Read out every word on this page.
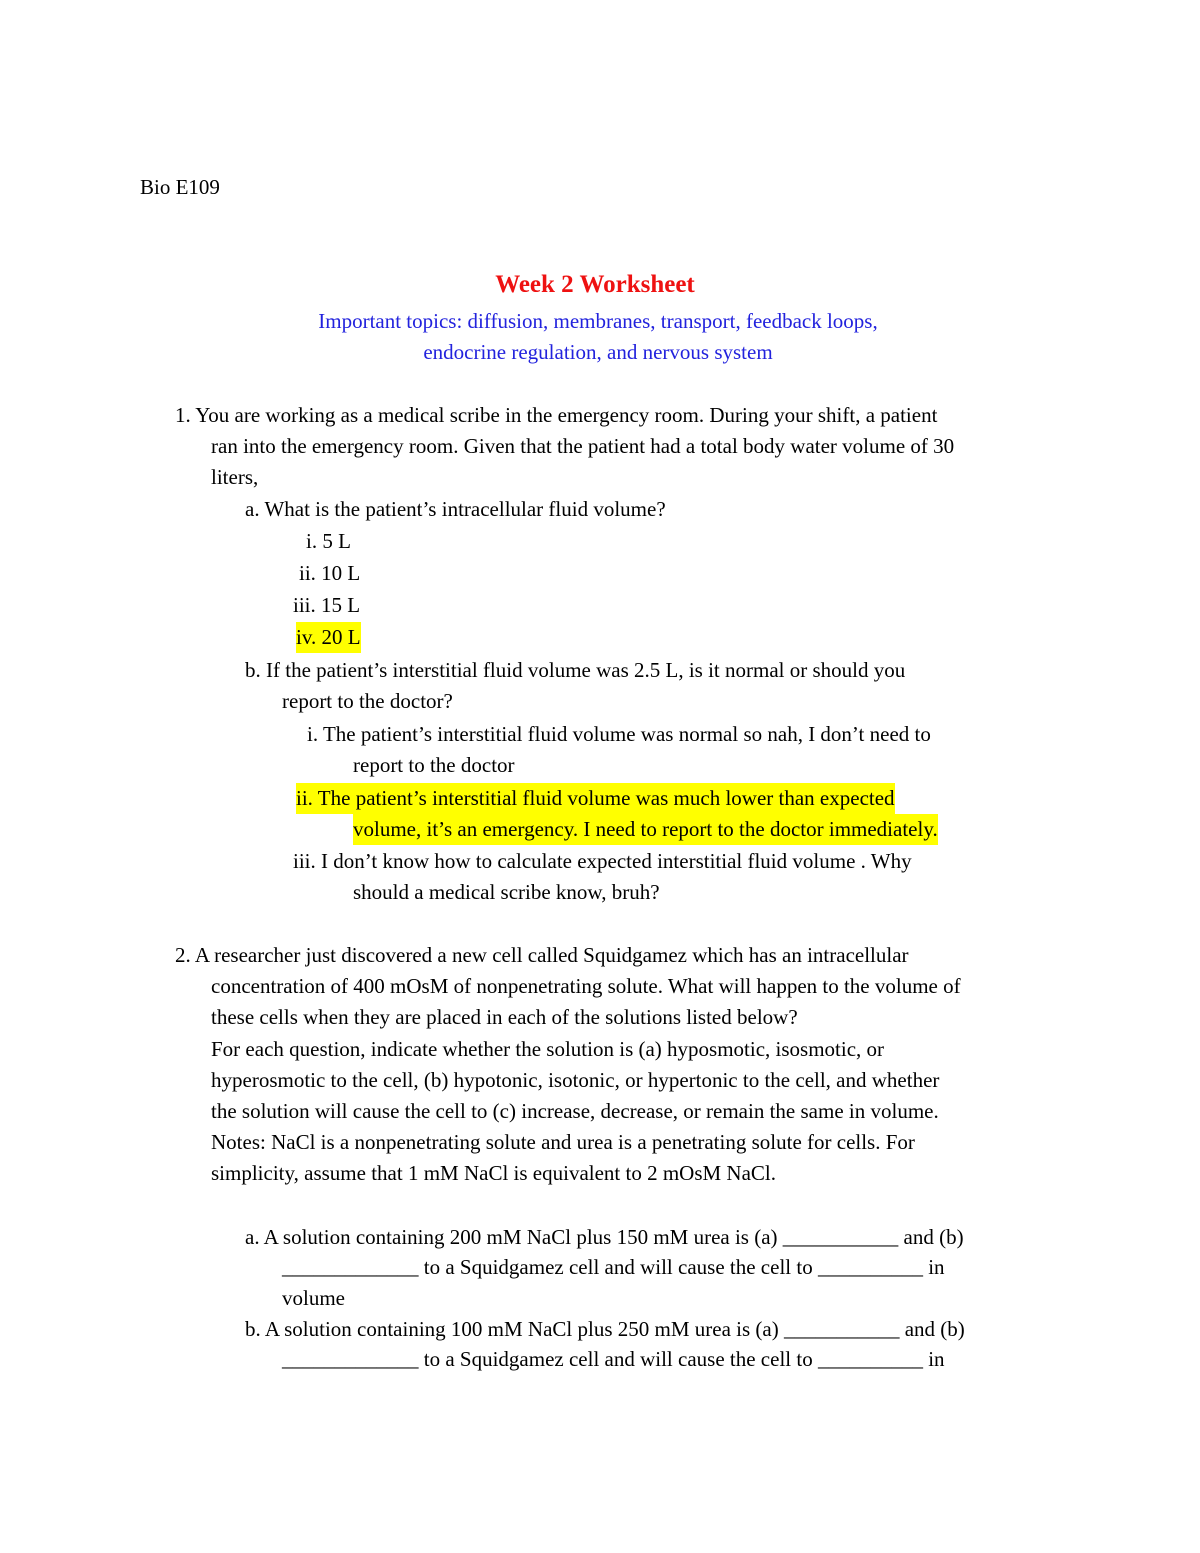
Bio E109
Week 2 Worksheet
Important topics: diffusion, membranes, transport, feedback loops,
endocrine regulation, and nervous system
1. You are working as a medical scribe in the emergency room. During your shift, a patient
ran into the emergency room. Given that the patient had a total body water volume of 30
liters,
a. What is the patient’s intracellular fluid volume?
i. 5 L
ii. 10 L
iii. 15 L
iv. 20 L
b. If the patient’s interstitial fluid volume was 2.5 L, is it normal or should you
report to the doctor?
i. The patient’s interstitial fluid volume was normal so nah, I don’t need to
report to the doctor
ii. The patient’s interstitial fluid volume was much lower than expected
volume, it’s an emergency. I need to report to the doctor immediately.
iii. I don’t know how to calculate expected interstitial fluid volume . Why
should a medical scribe know, bruh?
2. A researcher just discovered a new cell called Squidgamez which has an intracellular
concentration of 400 mOsM of nonpenetrating solute. What will happen to the volume of
these cells when they are placed in each of the solutions listed below?
For each question, indicate whether the solution is (a) hyposmotic, isosmotic, or
hyperosmotic to the cell, (b) hypotonic, isotonic, or hypertonic to the cell, and whether
the solution will cause the cell to (c) increase, decrease, or remain the same in volume.
Notes: NaCl is a nonpenetrating solute and urea is a penetrating solute for cells. For
simplicity, assume that 1 mM NaCl is equivalent to 2 mOsM NaCl.
a. A solution containing 200 mM NaCl plus 150 mM urea is (a) ___________ and (b)
_____________ to a Squidgamez cell and will cause the cell to __________ in
volume
b. A solution containing 100 mM NaCl plus 250 mM urea is (a) ___________ and (b)
_____________ to a Squidgamez cell and will cause the cell to __________ in
